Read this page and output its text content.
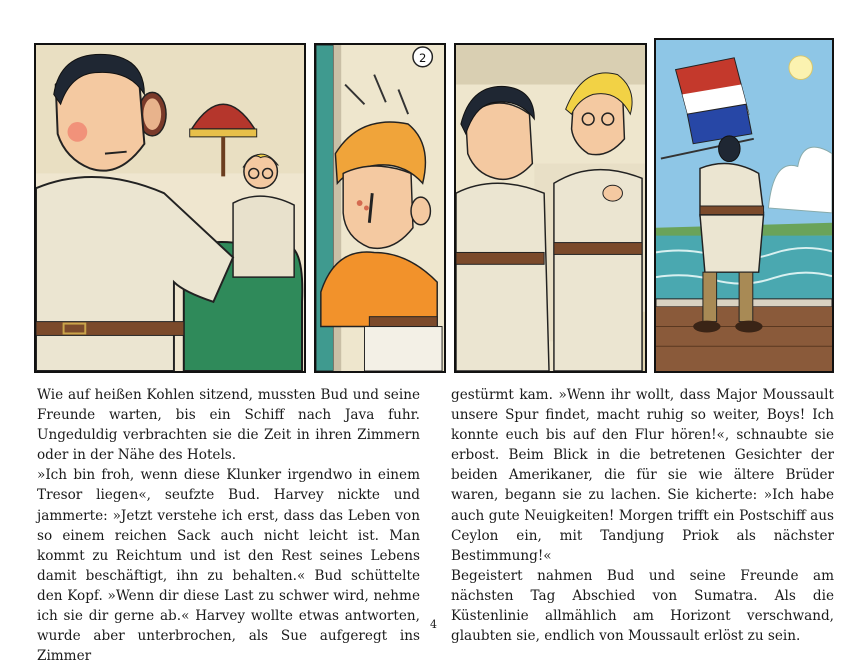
2

Wie auf heißen Kohlen sitzend, mussten Bud und seine Freunde warten, bis ein Schiff nach Java fuhr. Ungeduldig verbrachten sie die Zeit in ihren Zimmern oder in der Nähe des Hotels.

»Ich bin froh, wenn diese Klunker irgendwo in einem Tresor liegen«, seufzte Bud. Harvey nickte und jammerte: »Jetzt verstehe ich erst, dass das Leben von so einem reichen Sack auch nicht leicht ist. Man kommt zu Reichtum und ist den Rest seines Lebens damit beschäftigt, ihn zu behalten.« Bud schüttelte den Kopf. »Wenn dir diese Last zu schwer wird, nehme ich sie dir gerne ab.« Harvey wollte etwas antworten, wurde aber unterbrochen, als Sue aufgeregt ins Zimmer

gestürmt kam. »Wenn ihr wollt, dass Major Moussault unsere Spur findet, macht ruhig so weiter, Boys! Ich konnte euch bis auf den Flur hören!«, schnaubte sie erbost. Beim Blick in die betretenen Gesichter der beiden Amerikaner, die für sie wie ältere Brüder waren, begann sie zu lachen. Sie kicherte: »Ich habe auch gute Neuigkeiten! Morgen trifft ein Postschiff aus Ceylon ein, mit Tandjung Priok als nächster Bestimmung!«

Begeistert nahmen Bud und seine Freunde am nächsten Tag Abschied von Sumatra. Als die Küstenlinie allmählich am Horizont verschwand, glaubten sie, endlich von Moussault erlöst zu sein.

4
